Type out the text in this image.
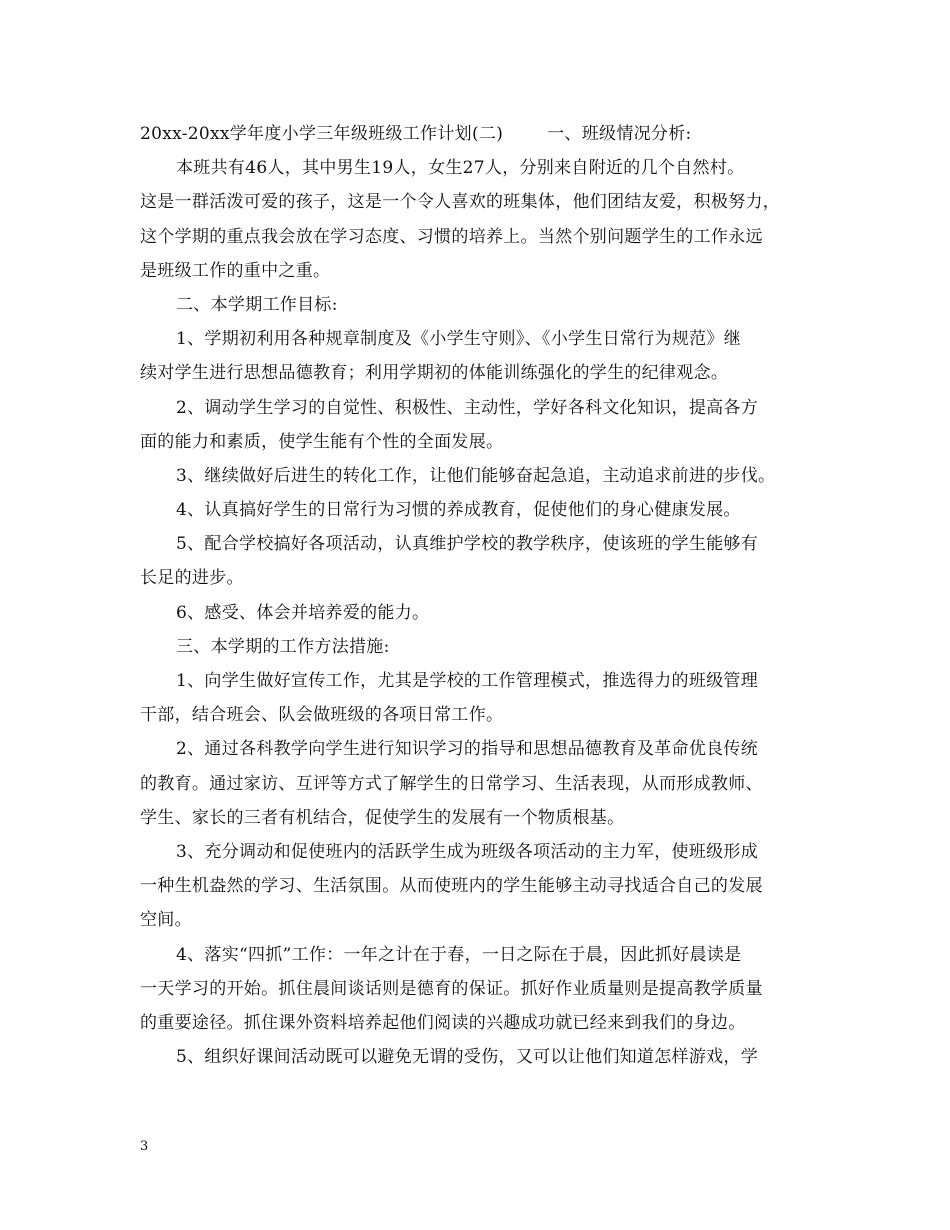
20xx-20xx学年度小学三年级班级工作计划(二)	一、班级情况分析:
本班共有46人，其中男生19人，女生27人，分别来自附近的几个自然村。
这是一群活泼可爱的孩子，这是一个令人喜欢的班集体，他们团结友爱，积极努力，
这个学期的重点我会放在学习态度、习惯的培养上。当然个别问题学生的工作永远
是班级工作的重中之重。
二、本学期工作目标:
1、学期初利用各种规章制度及《小学生守则》、《小学生日常行为规范》继
续对学生进行思想品德教育；利用学期初的体能训练强化的学生的纪律观念。
2、调动学生学习的自觉性、积极性、主动性，学好各科文化知识，提高各方
面的能力和素质，使学生能有个性的全面发展。
3、继续做好后进生的转化工作，让他们能够奋起急追，主动追求前进的步伐。
4、认真搞好学生的日常行为习惯的养成教育，促使他们的身心健康发展。
5、配合学校搞好各项活动，认真维护学校的教学秩序，使该班的学生能够有
长足的进步。
6、感受、体会并培养爱的能力。
三、本学期的工作方法措施:
1、向学生做好宣传工作，尤其是学校的工作管理模式，推选得力的班级管理
干部，结合班会、队会做班级的各项日常工作。
2、通过各科教学向学生进行知识学习的指导和思想品德教育及革命优良传统
的教育。通过家访、互评等方式了解学生的日常学习、生活表现，从而形成教师、
学生、家长的三者有机结合，促使学生的发展有一个物质根基。
3、充分调动和促使班内的活跃学生成为班级各项活动的主力军，使班级形成
一种生机盎然的学习、生活氛围。从而使班内的学生能够主动寻找适合自己的发展
空间。
4、落实“四抓”工作：一年之计在于春，一日之际在于晨，因此抓好晨读是
一天学习的开始。抓住晨间谈话则是德育的保证。抓好作业质量则是提高教学质量
的重要途径。抓住课外资料培养起他们阅读的兴趣成功就已经来到我们的身边。
5、组织好课间活动既可以避免无谓的受伤，又可以让他们知道怎样游戏，学
3
